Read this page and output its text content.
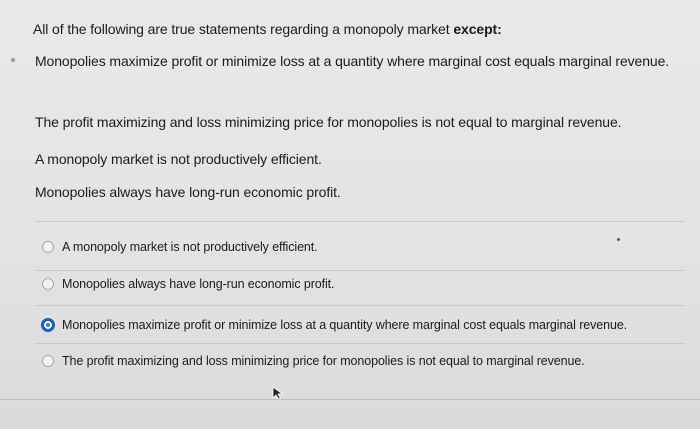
All of the following are true statements regarding a monopoly market except:
Monopolies maximize profit or minimize loss at a quantity where marginal cost equals marginal revenue.
The profit maximizing and loss minimizing price for monopolies is not equal to marginal revenue.
A monopoly market is not productively efficient.
Monopolies always have long-run economic profit.
A monopoly market is not productively efficient.
Monopolies always have long-run economic profit.
Monopolies maximize profit or minimize loss at a quantity where marginal cost equals marginal revenue.
The profit maximizing and loss minimizing price for monopolies is not equal to marginal revenue.
